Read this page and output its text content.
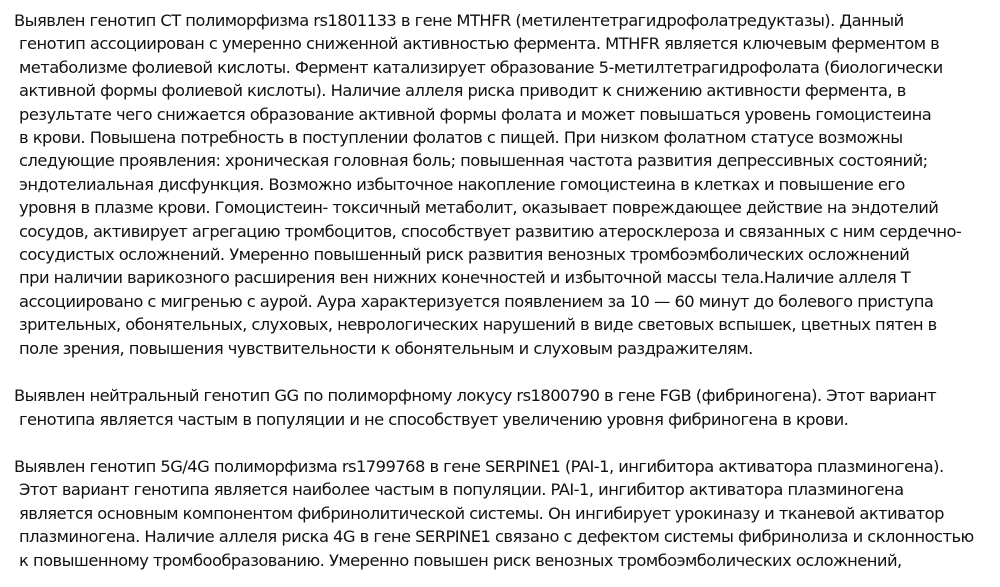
Выявлен генотип СТ полиморфизма rs1801133 в гене MTHFR (метилентетрагидрофолатредуктазы). Данный
генотип ассоциирован с умеренно сниженной активностью фермента. MTHFR является ключевым ферментом в
метаболизме фолиевой кислоты. Фермент катализирует образование 5-метилтетрагидрофолата (биологически
активной формы фолиевой кислоты). Наличие аллеля риска приводит к снижению активности фермента, в
результате чего снижается образование активной формы фолата и может повышаться уровень гомоцистеина
в крови. Повышена потребность в поступлении фолатов с пищей. При низком фолатном статусе возможны
следующие проявления: хроническая головная боль; повышенная частота развития депрессивных состояний;
эндотелиальная дисфункция. Возможно избыточное накопление гомоцистеина в клетках и повышение его
уровня в плазме крови. Гомоцистеин- токсичный метаболит, оказывает повреждающее действие на эндотелий
сосудов, активирует агрегацию тромбоцитов, способствует развитию атеросклероза и связанных с ним сердечно-
сосудистых осложнений. Умеренно повышенный риск развития венозных тромбоэмболических осложнений
при наличии варикозного расширения вен нижних конечностей и избыточной массы тела.Наличие аллеля Т
ассоциировано с мигренью с аурой. Аура характеризуется появлением за 10 — 60 минут до болевого приступа
зрительных, обонятельных, слуховых, неврологических нарушений в виде световых вспышек, цветных пятен в
поле зрения, повышения чувствительности к обонятельным и слуховым раздражителям.
Выявлен нейтральный генотип GG по полиморфному локусу rs1800790 в гене FGB (фибриногена). Этот вариант
генотипа является частым в популяции и не способствует увеличению уровня фибриногена в крови.
Выявлен генотип 5G/4G полиморфизма rs1799768 в гене SERPINE1 (PAI-1, ингибитора активатора плазминогена).
Этот вариант генотипа является наиболее частым в популяции. PAI-1, ингибитор активатора плазминогена
является основным компонентом фибринолитической системы. Он ингибирует урокиназу и тканевой активатор
плазминогена. Наличие аллеля риска 4G в гене SERPINE1 связано с дефектом системы фибринолиза и склонностью
к повышенному тромбообразованию. Умеренно повышен риск венозных тромбоэмболических осложнений,
